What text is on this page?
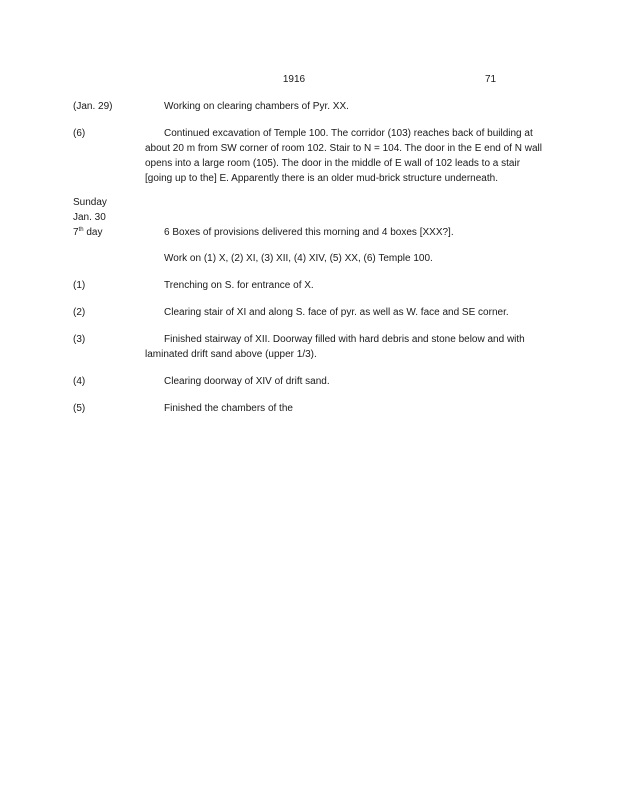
1916	71

(Jan. 29)	Working on clearing chambers of Pyr. XX.

(6)	Continued excavation of Temple 100. The corridor (103) reaches back of building at about 20 m from SW corner of room 102. Stair to N = 104. The door in the E end of N wall opens into a large room (105). The door in the middle of E wall of 102 leads to a stair [going up to the] E. Apparently there is an older mud-brick structure underneath.

Sunday
Jan. 30
7th day	6 Boxes of provisions delivered this morning and 4 boxes [XXX?].

Work on (1) X, (2) XI, (3) XII, (4) XIV, (5) XX, (6) Temple 100.

(1)	Trenching on S. for entrance of X.

(2)	Clearing stair of XI and along S. face of pyr. as well as W. face and SE corner.

(3)	Finished stairway of XII. Doorway filled with hard debris and stone below and with laminated drift sand above (upper 1/3).

(4)	Clearing doorway of XIV of drift sand.

(5)	Finished the chambers of the
